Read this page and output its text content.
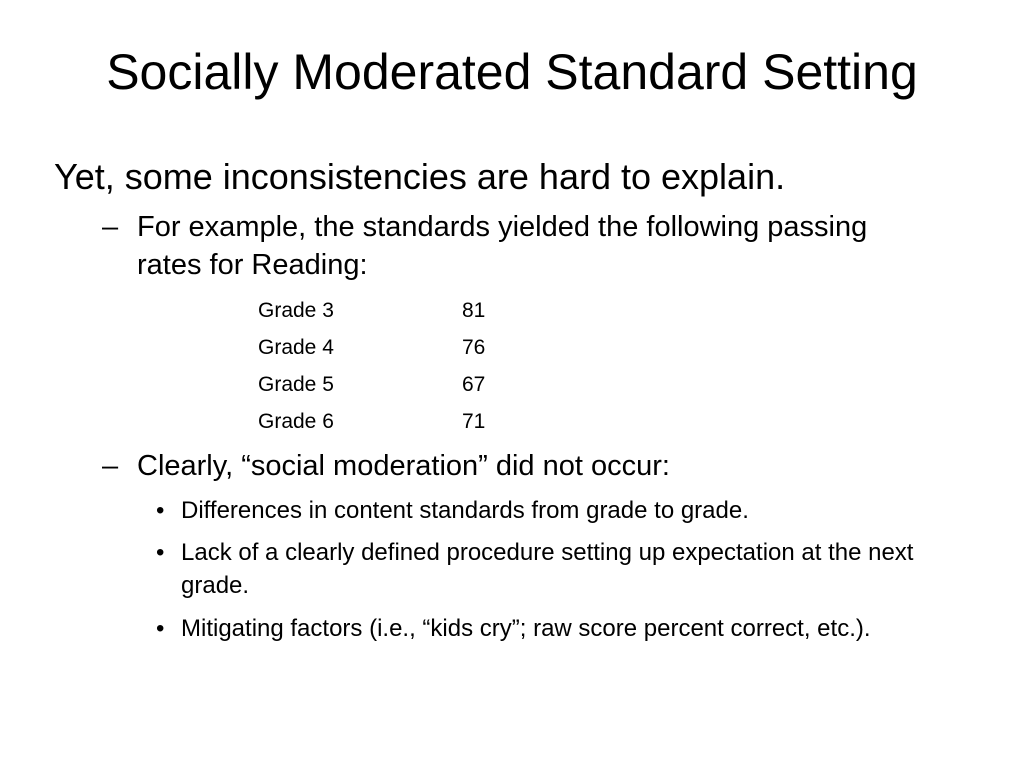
Socially Moderated Standard Setting
Yet, some inconsistencies are hard to explain.
– For example, the standards yielded the following passing rates for Reading:
Grade 3	81
Grade 4	76
Grade 5	67
Grade 6	71
– Clearly, “social moderation” did not occur:
• Differences in content standards from grade to grade.
• Lack of a clearly defined procedure setting up expectation at the next grade.
• Mitigating factors (i.e., “kids cry”; raw score percent correct, etc.).
